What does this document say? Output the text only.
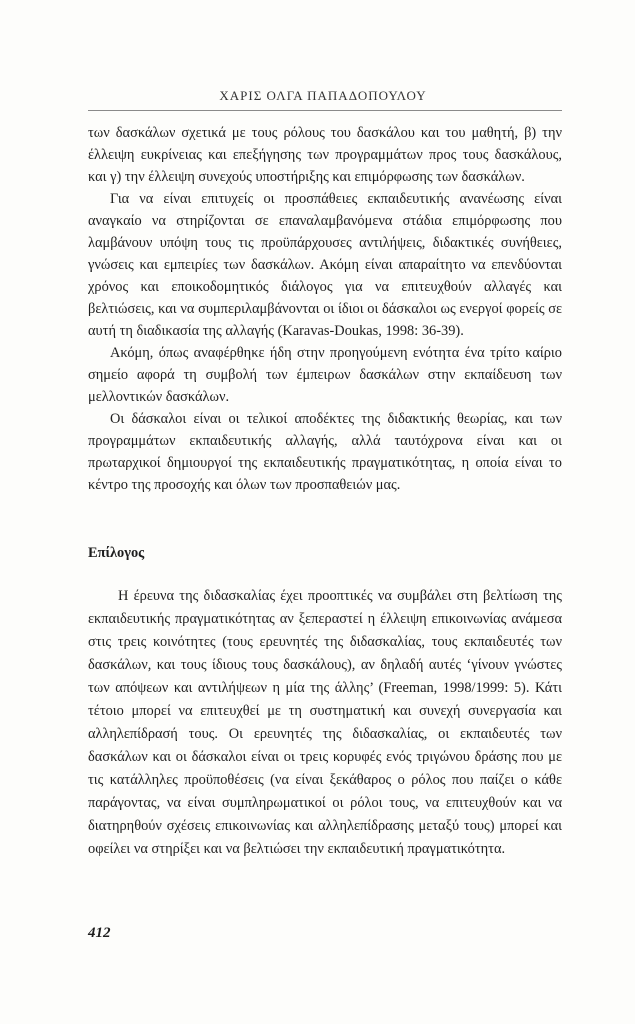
ΧΑΡΙΣ ΟΛΓΑ ΠΑΠΑΔΟΠΟΥΛΟΥ

των δασκάλων σχετικά με τους ρόλους του δασκάλου και του μαθητή, β) την έλλειψη ευκρίνειας και επεξήγησης των προγραμμάτων προς τους δασκάλους, και γ) την έλλειψη συνεχούς υποστήριξης και επιμόρφωσης των δασκάλων.

Για να είναι επιτυχείς οι προσπάθειες εκπαιδευτικής ανανέωσης είναι αναγκαίο να στηρίζονται σε επαναλαμβανόμενα στάδια επιμόρφωσης που λαμβάνουν υπόψη τους τις προϋπάρχουσες αντιλήψεις, διδακτικές συνήθειες, γνώσεις και εμπειρίες των δασκάλων. Ακόμη είναι απαραίτητο να επενδύονται χρόνος και εποικοδομητικός διάλογος για να επιτευχθούν αλλαγές και βελτιώσεις, και να συμπεριλαμβάνονται οι ίδιοι οι δάσκαλοι ως ενεργοί φορείς σε αυτή τη διαδικασία της αλλαγής (Karavas-Doukas, 1998: 36-39).

Ακόμη, όπως αναφέρθηκε ήδη στην προηγούμενη ενότητα ένα τρίτο καίριο σημείο αφορά τη συμβολή των έμπειρων δασκάλων στην εκπαίδευση των μελλοντικών δασκάλων.

Οι δάσκαλοι είναι οι τελικοί αποδέκτες της διδακτικής θεωρίας, και των προγραμμάτων εκπαιδευτικής αλλαγής, αλλά ταυτόχρονα είναι και οι πρωταρχικοί δημιουργοί της εκπαιδευτικής πραγματικότητας, η οποία είναι το κέντρο της προσοχής και όλων των προσπαθειών μας.

Επίλογος

Η έρευνα της διδασκαλίας έχει προοπτικές να συμβάλει στη βελτίωση της εκπαιδευτικής πραγματικότητας αν ξεπεραστεί η έλλειψη επικοινωνίας ανάμεσα στις τρεις κοινότητες (τους ερευνητές της διδασκαλίας, τους εκπαιδευτές των δασκάλων, και τους ίδιους τους δασκάλους), αν δηλαδή αυτές ‘γίνουν γνώστες των απόψεων και αντιλήψεων η μία της άλλης’ (Freeman, 1998/1999: 5). Κάτι τέτοιο μπορεί να επιτευχθεί με τη συστηματική και συνεχή συνεργασία και αλληλεπίδρασή τους. Οι ερευνητές της διδασκαλίας, οι εκπαιδευτές των δασκάλων και οι δάσκαλοι είναι οι τρεις κορυφές ενός τριγώνου δράσης που με τις κατάλληλες προϋποθέσεις (να είναι ξεκάθαρος ο ρόλος που παίζει ο κάθε παράγοντας, να είναι συμπληρωματικοί οι ρόλοι τους, να επιτευχθούν και να διατηρηθούν σχέσεις επικοινωνίας και αλληλεπίδρασης μεταξύ τους) μπορεί και οφείλει να στηρίξει και να βελτιώσει την εκπαιδευτική πραγματικότητα.

412
